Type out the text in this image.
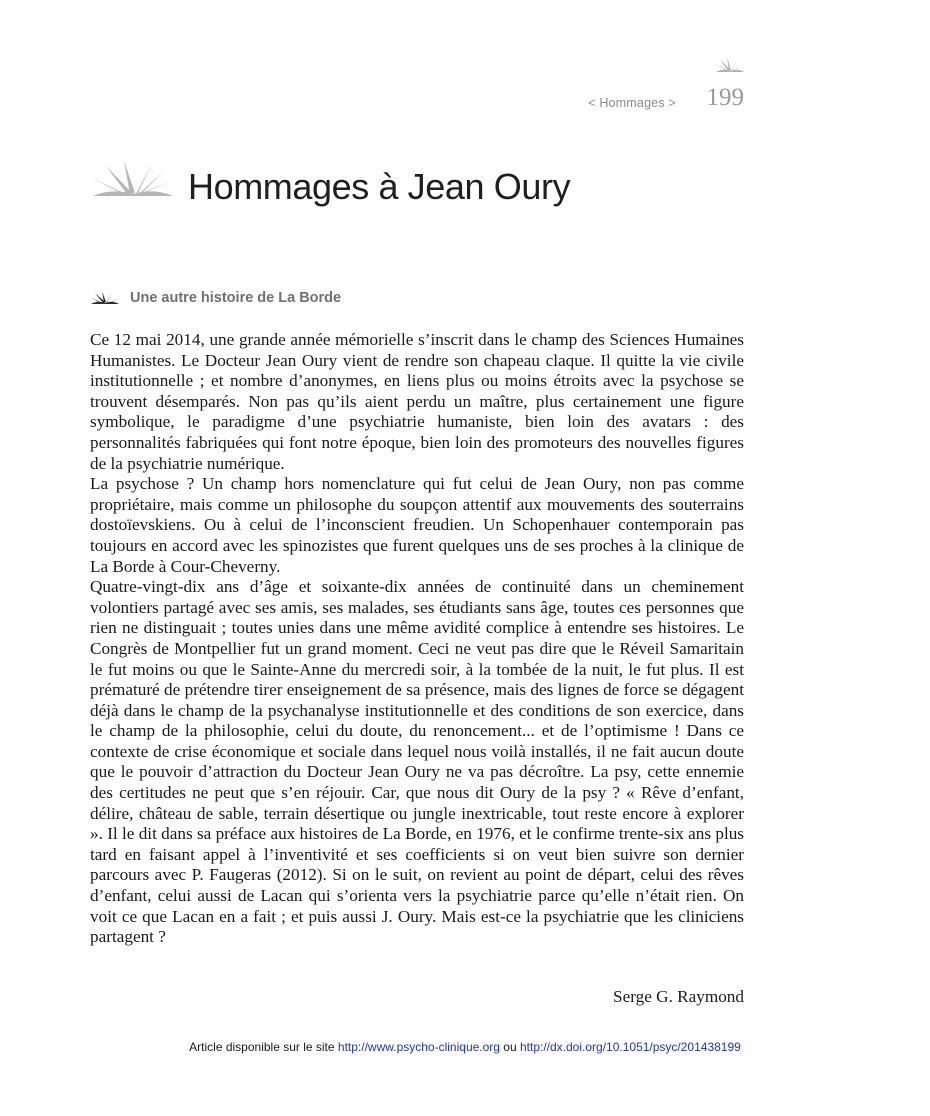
< Hommages > 199
Hommages à Jean Oury
Une autre histoire de La Borde

Ce 12 mai 2014, une grande année mémorielle s’inscrit dans le champ des Sciences Humaines Humanistes. Le Docteur Jean Oury vient de rendre son chapeau claque. Il quitte la vie civile institutionnelle ; et nombre d’anonymes, en liens plus ou moins étroits avec la psychose se trouvent désemparés. Non pas qu’ils aient perdu un maître, plus certainement une figure symbolique, le paradigme d’une psychiatrie humaniste, bien loin des avatars : des personnalités fabriquées qui font notre époque, bien loin des promoteurs des nouvelles figures de la psychiatrie numérique.

La psychose ? Un champ hors nomenclature qui fut celui de Jean Oury, non pas comme propriétaire, mais comme un philosophe du soupçon attentif aux mouvements des souterrains dostoïevskiens. Ou à celui de l’inconscient freudien. Un Schopenhauer contemporain pas toujours en accord avec les spinozistes que furent quelques uns de ses proches à la clinique de La Borde à Cour-Cheverny.

Quatre-vingt-dix ans d’âge et soixante-dix années de continuité dans un cheminement volontiers partagé avec ses amis, ses malades, ses étudiants sans âge, toutes ces personnes que rien ne distinguait ; toutes unies dans une même avidité complice à entendre ses histoires. Le Congrès de Montpellier fut un grand moment. Ceci ne veut pas dire que le Réveil Samaritain le fut moins ou que le Sainte-Anne du mercredi soir, à la tombée de la nuit, le fut plus. Il est prématuré de prétendre tirer enseignement de sa présence, mais des lignes de force se dégagent déjà dans le champ de la psychanalyse institutionnelle et des conditions de son exercice, dans le champ de la philosophie, celui du doute, du renoncement... et de l’optimisme ! Dans ce contexte de crise économique et sociale dans lequel nous voilà installés, il ne fait aucun doute que le pouvoir d’attraction du Docteur Jean Oury ne va pas décroître. La psy, cette ennemie des certitudes ne peut que s’en réjouir. Car, que nous dit Oury de la psy ? « Rêve d’enfant, délire, château de sable, terrain désertique ou jungle inextricable, tout reste encore à explorer ». Il le dit dans sa préface aux histoires de La Borde, en 1976, et le confirme trente-six ans plus tard en faisant appel à l’inventivité et ses coefficients si on veut bien suivre son dernier parcours avec P. Faugeras (2012). Si on le suit, on revient au point de départ, celui des rêves d’enfant, celui aussi de Lacan qui s’orienta vers la psychiatrie parce qu’elle n’était rien. On voit ce que Lacan en a fait ; et puis aussi J. Oury. Mais est-ce la psychiatrie que les cliniciens partagent ?

Serge G. Raymond

Article disponible sur le site http://www.psycho-clinique.org ou http://dx.doi.org/10.1051/psyc/201438199
